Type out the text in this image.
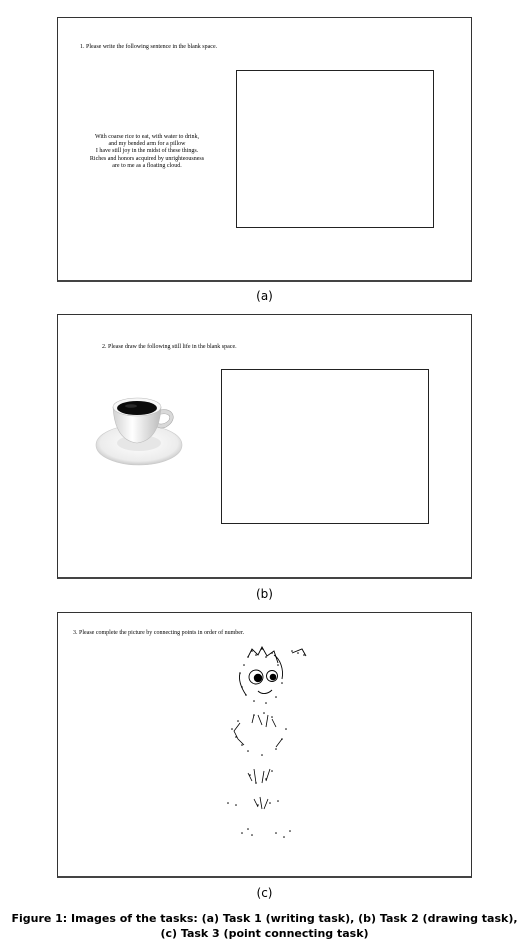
1. Please write the following sentence in the blank space.
With coarse rice to eat, with water to drink,
and my bended arm for a pillow
I have still joy in the midst of these things.
Riches and honors acquired by unrighteousness
are to me as a floating cloud.
(a)
2. Please draw the following still life in the blank space.
(b)
3. Please complete the picture by connecting points in order of number.
(c)
Figure 1: Images of the tasks: (a) Task 1 (writing task), (b) Task 2 (drawing task),
(c) Task 3 (point connecting task)
